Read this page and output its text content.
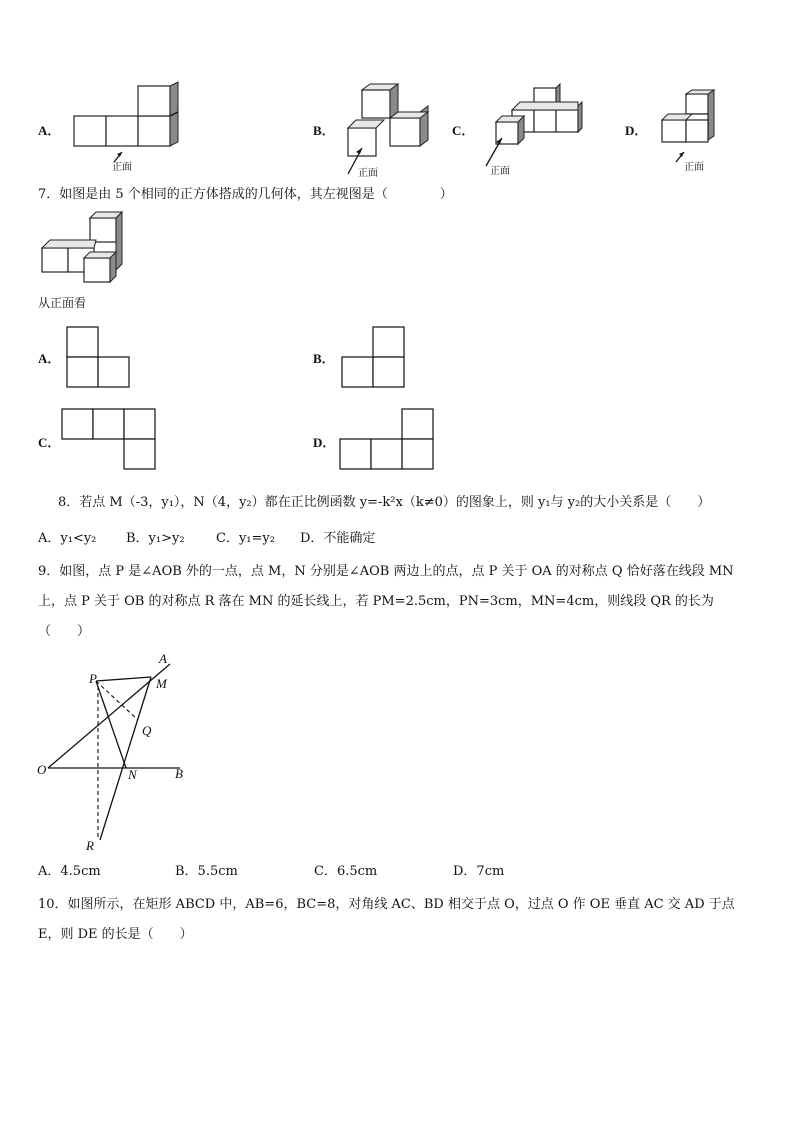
A．
正面
B．
正面
C．
正面
D．
正面
7．如图是由 5 个相同的正方体搭成的几何体，其左视图是（　　　　）
从正面看
A．	B．
C．	D．
8．若点 M（-3，y₁），N（4，y₂）都在正比例函数 y=-k²x（k≠0）的图象上，则 y₁与 y₂的大小关系是（　　）
A．y₁<y₂ B．y₁>y₂ C．y₁=y₂ D．不能确定
9．如图，点 P 是∠AOB 外的一点，点 M，N 分别是∠AOB 两边上的点，点 P 关于 OA 的对称点 Q 恰好落在线段 MN
上，点 P 关于 OB 的对称点 R 落在 MN 的延长线上，若 PM=2.5cm，PN=3cm，MN=4cm，则线段 QR 的长为
（　　）
A
P	M
Q
O	N	B
R
A．4.5cm	B．5.5cm	C．6.5cm	D．7cm
10．如图所示，在矩形 ABCD 中，AB=6，BC=8，对角线 AC、BD 相交于点 O，过点 O 作 OE 垂直 AC 交 AD 于点
E，则 DE 的长是（　　）
